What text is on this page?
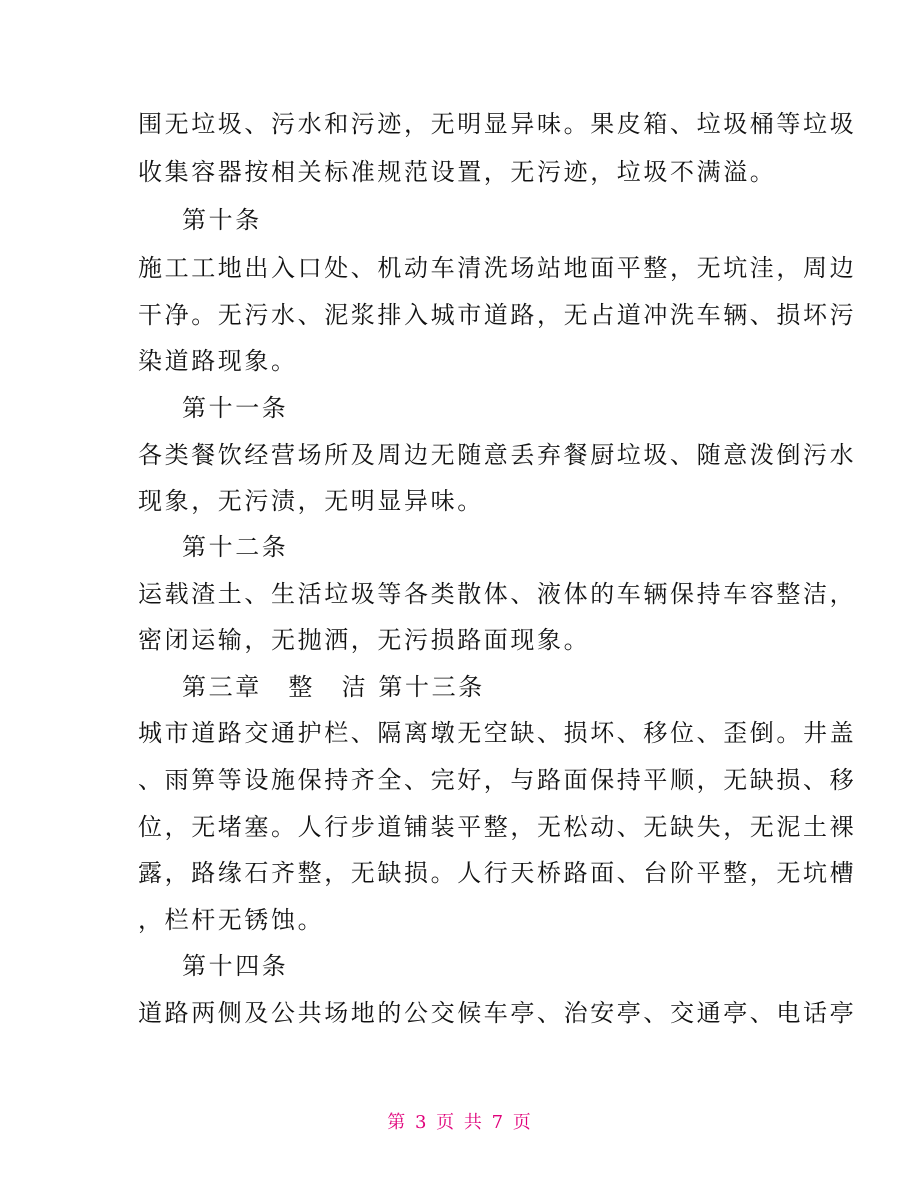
围无垃圾、污水和污迹，无明显异味。果皮箱、垃圾桶等垃圾
收集容器按相关标准规范设置，无污迹，垃圾不满溢。
第十条
施工工地出入口处、机动车清洗场站地面平整，无坑洼，周边
干净。无污水、泥浆排入城市道路，无占道冲洗车辆、损坏污
染道路现象。
第十一条
各类餐饮经营场所及周边无随意丢弃餐厨垃圾、随意泼倒污水
现象，无污渍，无明显异味。
第十二条
运载渣土、生活垃圾等各类散体、液体的车辆保持车容整洁，
密闭运输，无抛洒，无污损路面现象。
第三章　整　洁 第十三条
城市道路交通护栏、隔离墩无空缺、损坏、移位、歪倒。井盖
、雨箅等设施保持齐全、完好，与路面保持平顺，无缺损、移
位，无堵塞。人行步道铺装平整，无松动、无缺失，无泥土裸
露，路缘石齐整，无缺损。人行天桥路面、台阶平整，无坑槽
，栏杆无锈蚀。
第十四条
道路两侧及公共场地的公交候车亭、治安亭、交通亭、电话亭
第 3 页 共 7 页
